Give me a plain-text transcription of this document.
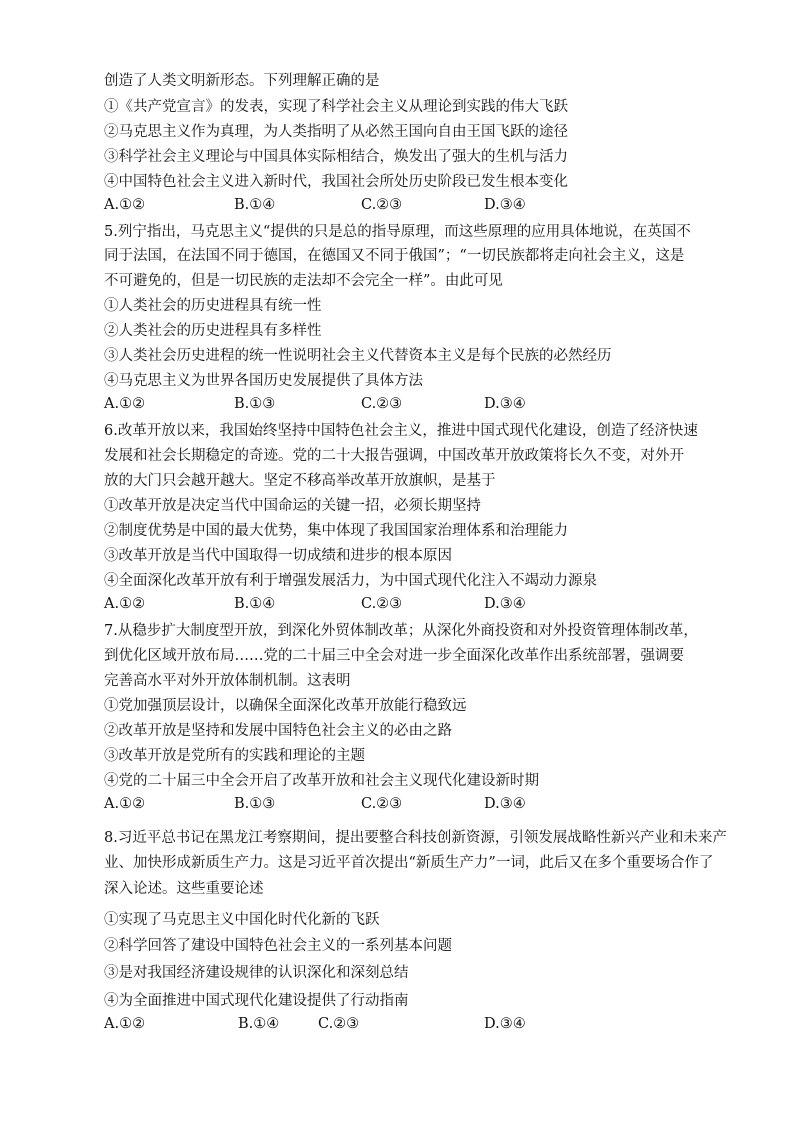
创造了人类文明新形态。下列理解正确的是
①《共产党宣言》的发表，实现了科学社会主义从理论到实践的伟大飞跃
②马克思主义作为真理，为人类指明了从必然王国向自由王国飞跃的途径
③科学社会主义理论与中国具体实际相结合，焕发出了强大的生机与活力
④中国特色社会主义进入新时代，我国社会所处历史阶段已发生根本变化
A.①②	B.①④	C.②③	D.③④
5.列宁指出，马克思主义“提供的只是总的指导原理，而这些原理的应用具体地说，在英国不
同于法国，在法国不同于德国，在德国又不同于俄国”；“一切民族都将走向社会主义，这是
不可避免的，但是一切民族的走法却不会完全一样”。由此可见
①人类社会的历史进程具有统一性
②人类社会的历史进程具有多样性
③人类社会历史进程的统一性说明社会主义代替资本主义是每个民族的必然经历
④马克思主义为世界各国历史发展提供了具体方法
A.①②	B.①③	C.②③	D.③④
6.改革开放以来，我国始终坚持中国特色社会主义，推进中国式现代化建设，创造了经济快速
发展和社会长期稳定的奇迹。党的二十大报告强调，中国改革开放政策将长久不变，对外开
放的大门只会越开越大。坚定不移高举改革开放旗帜，是基于
①改革开放是决定当代中国命运的关键一招，必须长期坚持
②制度优势是中国的最大优势，集中体现了我国国家治理体系和治理能力
③改革开放是当代中国取得一切成绩和进步的根本原因
④全面深化改革开放有利于增强发展活力，为中国式现代化注入不竭动力源泉
A.①②	B.①④	C.②③	D.③④
7.从稳步扩大制度型开放，到深化外贸体制改革；从深化外商投资和对外投资管理体制改革，
到优化区域开放布局……党的二十届三中全会对进一步全面深化改革作出系统部署，强调要
完善高水平对外开放体制机制。这表明
①党加强顶层设计，以确保全面深化改革开放能行稳致远
②改革开放是坚持和发展中国特色社会主义的必由之路
③改革开放是党所有的实践和理论的主题
④党的二十届三中全会开启了改革开放和社会主义现代化建设新时期
A.①②	B.①③	C.②③	D.③④
8.习近平总书记在黑龙江考察期间，提出要整合科技创新资源，引领发展战略性新兴产业和未来产
业、加快形成新质生产力。这是习近平首次提出“新质生产力”一词，此后又在多个重要场合作了
深入论述。这些重要论述
①实现了马克思主义中国化时代化新的飞跃
②科学回答了建设中国特色社会主义的一系列基本问题
③是对我国经济建设规律的认识深化和深刻总结
④为全面推进中国式现代化建设提供了行动指南
A.①②	B.①④	C.②③	D.③④
